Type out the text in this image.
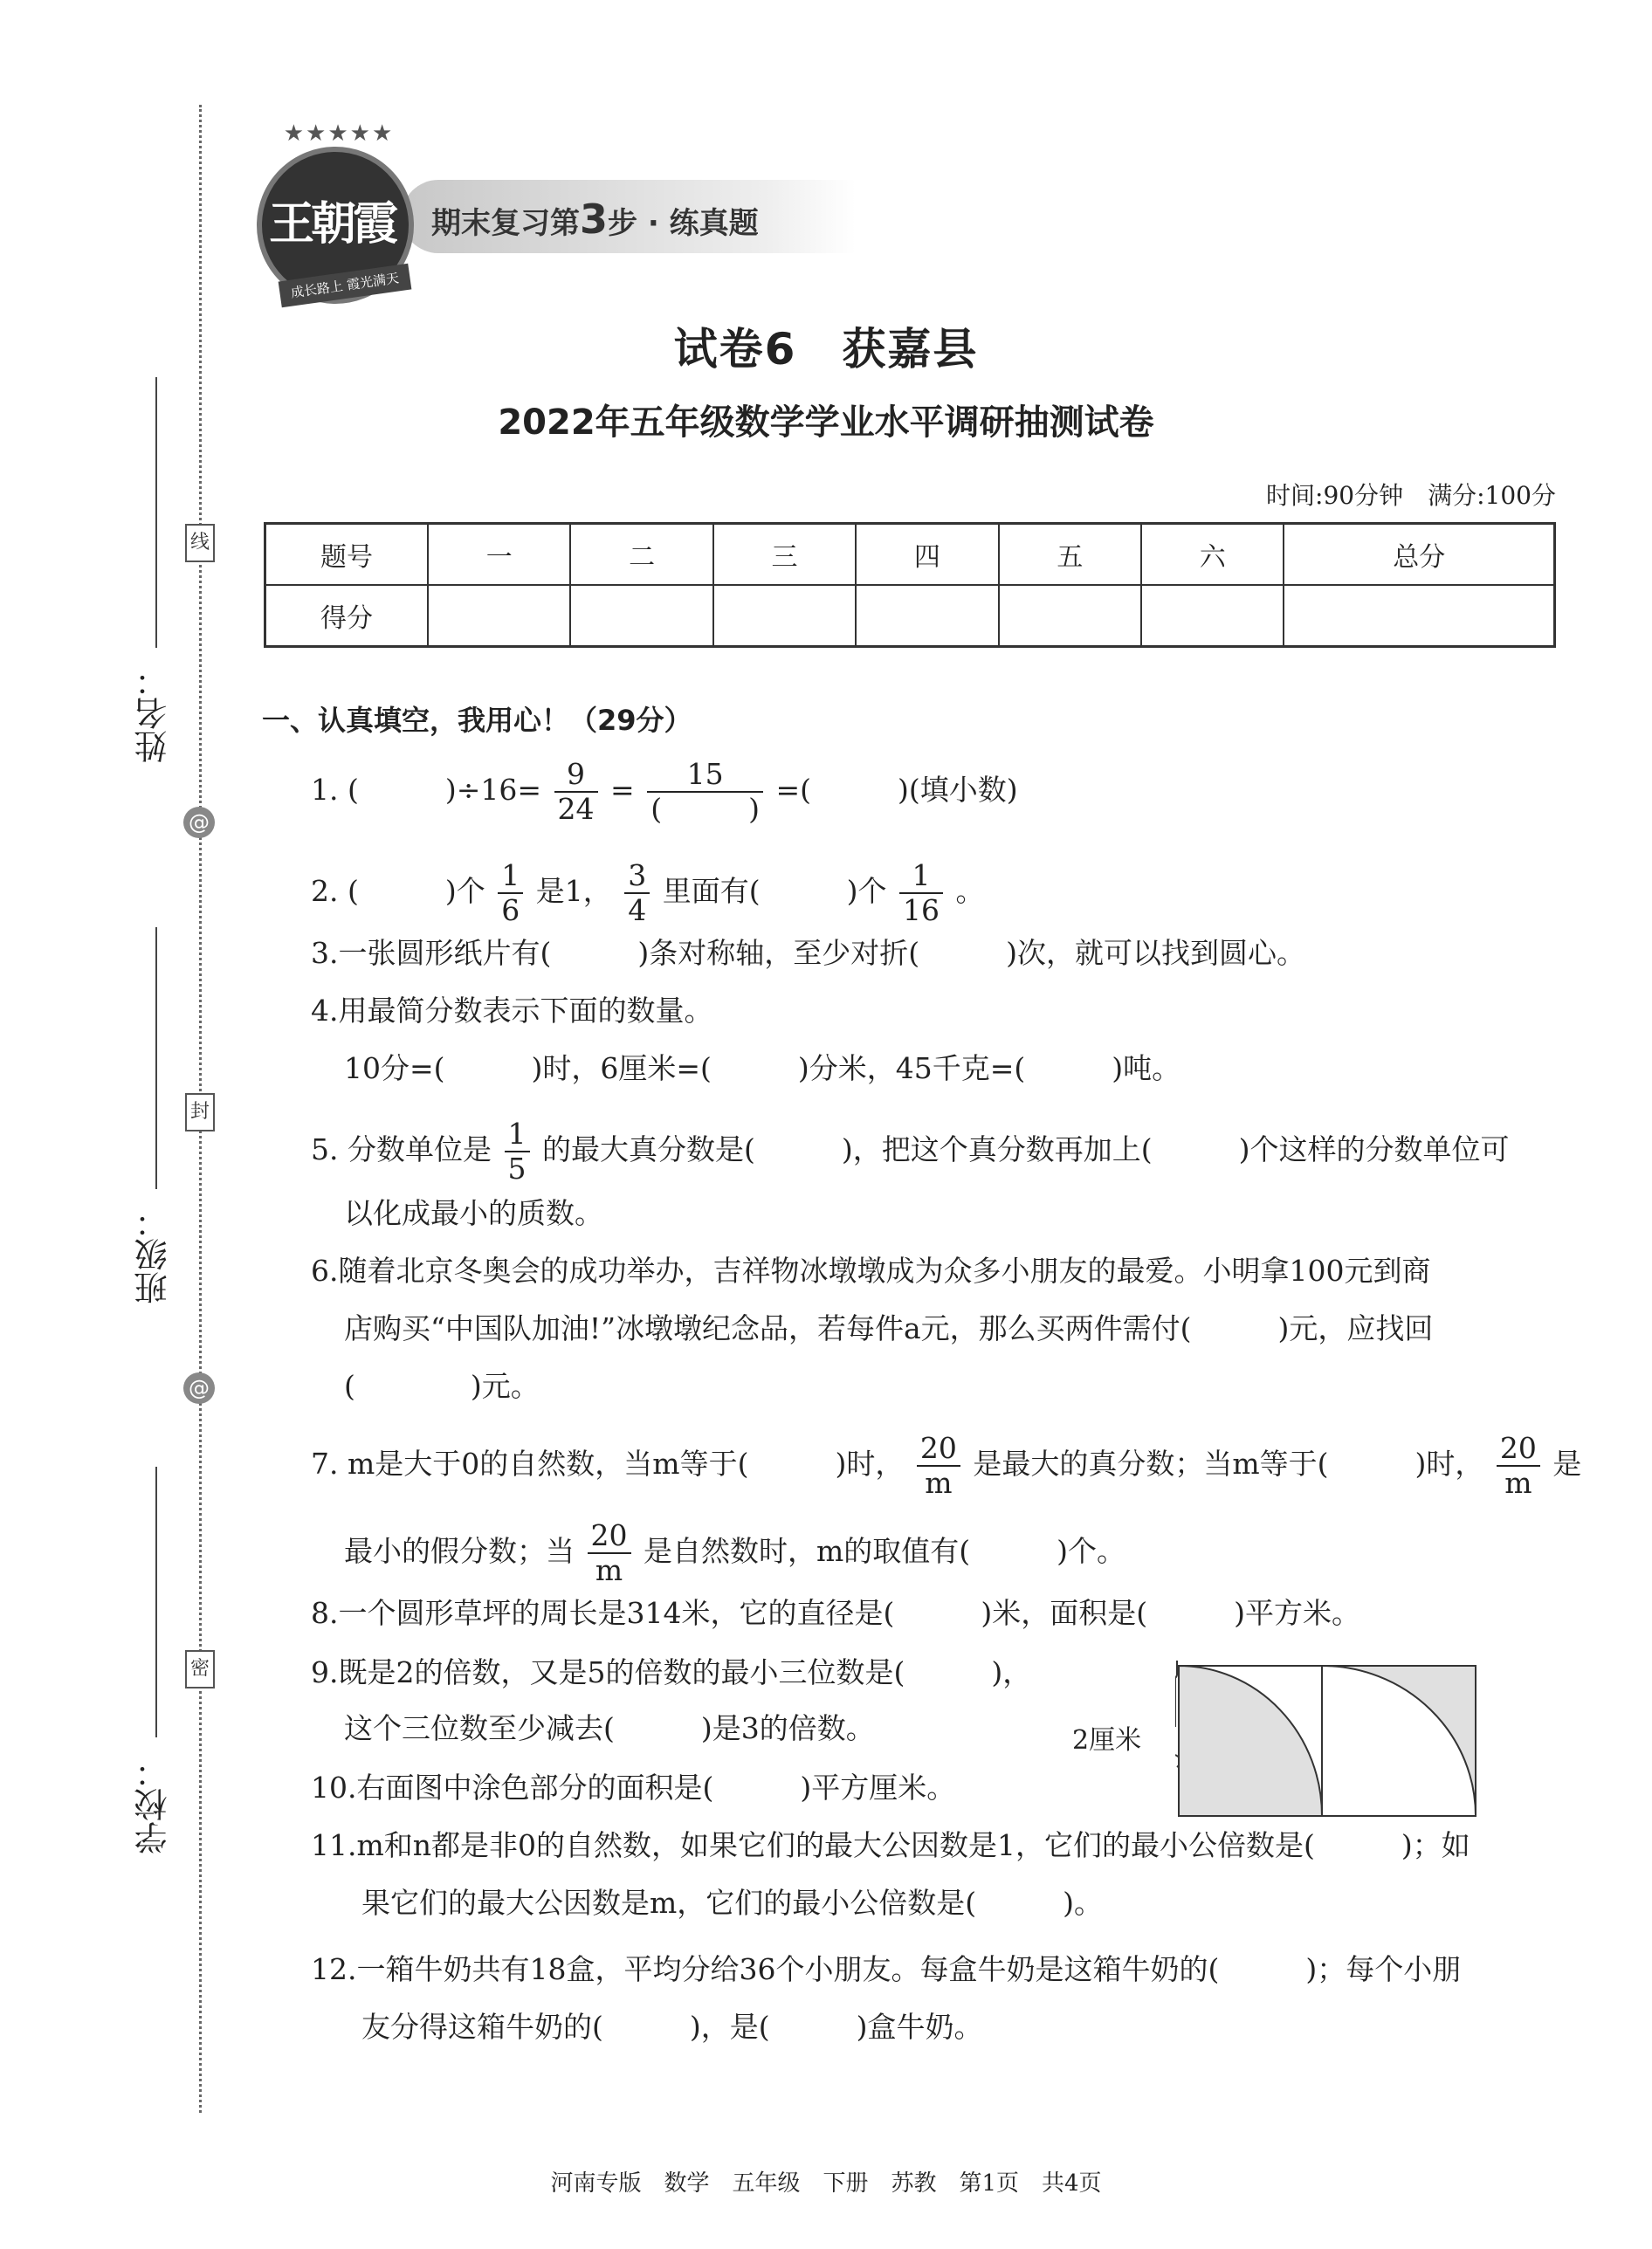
姓名：
班级：
学校：
线
封
密
@
@
★★★★★
王朝霞
成长路上 霞光满天
期末复习第3步 · 练真题
试卷6　获嘉县
2022年五年级数学学业水平调研抽测试卷
时间:90分钟　满分:100分
题号	一	二	三	四	五	六	总分
得分							
一、认真填空，我用心！（29分）
1. (　　　)$\div 16= \frac{9}{24} = \frac{15}{( )}$ =(　　　)(填小数)
2. (　　　)个 $\frac{1}{6}$ 是1， $\frac{3}{4}$ 里面有(　　　)个 $\frac{1}{16}$ 。
3.一张圆形纸片有(　　　)条对称轴，至少对折(　　　)次，就可以找到圆心。
4.用最简分数表示下面的数量。
10分=(　　　)时，6厘米=(　　　)分米，45千克=(　　　)吨。
5. 分数单位是 $\frac{1}{5}$ 的最大真分数是(　　　)，把这个真分数再加上(　　　)个这样的分数单位可
以化成最小的质数。
6.随着北京冬奥会的成功举办，吉祥物冰墩墩成为众多小朋友的最爱。小明拿100元到商
店购买“中国队加油!”冰墩墩纪念品，若每件a元，那么买两件需付(　　　)元，应找回
(　　　　)元。
7. m是大于0的自然数，当m等于(　　　)时， $\frac{20}{m}$ 是最大的真分数；当m等于(　　　)时， $\frac{20}{m}$ 是
最小的假分数；当 $\frac{20}{m}$ 是自然数时，m的取值有(　　　)个。
8.一个圆形草坪的周长是314米，它的直径是(　　　)米，面积是(　　　)平方米。
9.既是2的倍数，又是5的倍数的最小三位数是(　　　)，
这个三位数至少减去(　　　)是3的倍数。
10.右面图中涂色部分的面积是(　　　)平方厘米。
2厘米
11.m和n都是非0的自然数，如果它们的最大公因数是1，它们的最小公倍数是(　　　)；如
果它们的最大公因数是m，它们的最小公倍数是(　　　)。
12.一箱牛奶共有18盒，平均分给36个小朋友。每盒牛奶是这箱牛奶的(　　　)；每个小朋
友分得这箱牛奶的(　　　)，是(　　　)盒牛奶。
河南专版　数学　五年级　下册　苏教　第1页　共4页
